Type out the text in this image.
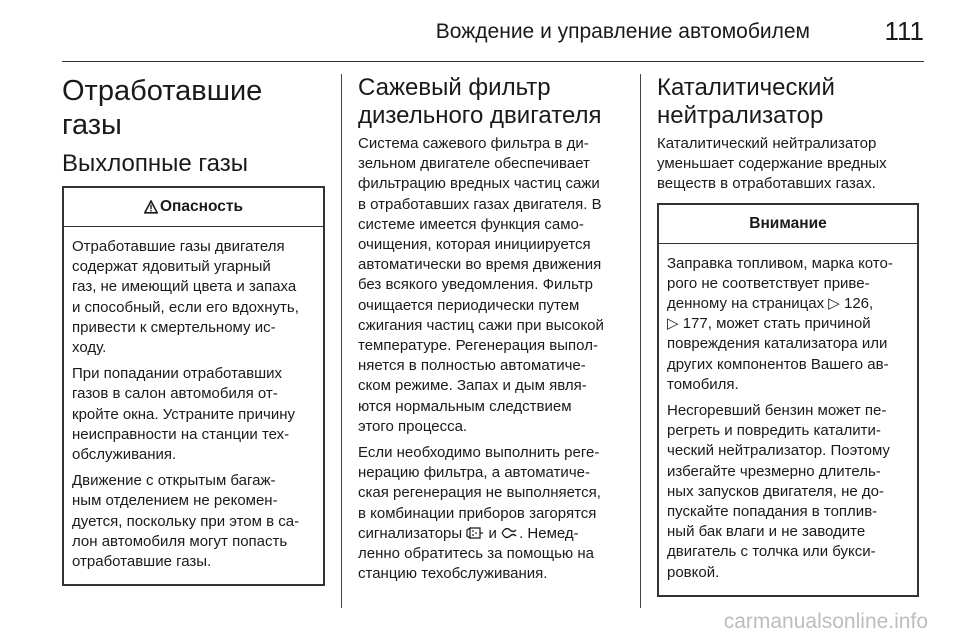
Вождение и управление автомобилем	111
Отработавшие газы
Выхлопные газы
Опасность

Отработавшие газы двигателя
содержат ядовитый угарный
газ, не имеющий цвета и запаха
и способный, если его вдохнуть,
привести к смертельному ис-
ходу.

При попадании отработавших
газов в салон автомобиля от-
кройте окна. Устраните причину
неисправности на станции тех-
обслуживания.

Движение с открытым багаж-
ным отделением не рекомен-
дуется, поскольку при этом в са-
лон автомобиля могут попасть
отработавшие газы.

Сажевый фильтр
дизельного двигателя

Система сажевого фильтра в ди-
зельном двигателе обеспечивает
фильтрацию вредных частиц сажи
в отработавших газах двигателя. В
системе имеется функция само-
очищения, которая инициируется
автоматически во время движения
без всякого уведомления. Фильтр
очищается периодически путем
сжигания частиц сажи при высокой
температуре. Регенерация выпол-
няется в полностью автоматиче-
ском режиме. Запах и дым явля-
ются нормальным следствием
этого процесса.

Если необходимо выполнить реге-
нерацию фильтра, а автоматиче-
ская регенерация не выполняется,
в комбинации приборов загорятся
сигнализаторы  и . Немед-
ленно обратитесь за помощью на
станцию техобслуживания.

Каталитический
нейтрализатор

Каталитический нейтрализатор
уменьшает содержание вредных
веществ в отработавших газах.

Внимание

Заправка топливом, марка кото-
рого не соответствует приве-
денному на страницах ▷ 126,
▷ 177, может стать причиной
повреждения катализатора или
других компонентов Вашего ав-
томобиля.

Несгоревший бензин может пе-
регреть и повредить каталити-
ческий нейтрализатор. Поэтому
избегайте чрезмерно длитель-
ных запусков двигателя, не до-
пускайте попадания в топлив-
ный бак влаги и не заводите
двигатель с толчка или букси-
ровкой.

carmanualsonline.info
